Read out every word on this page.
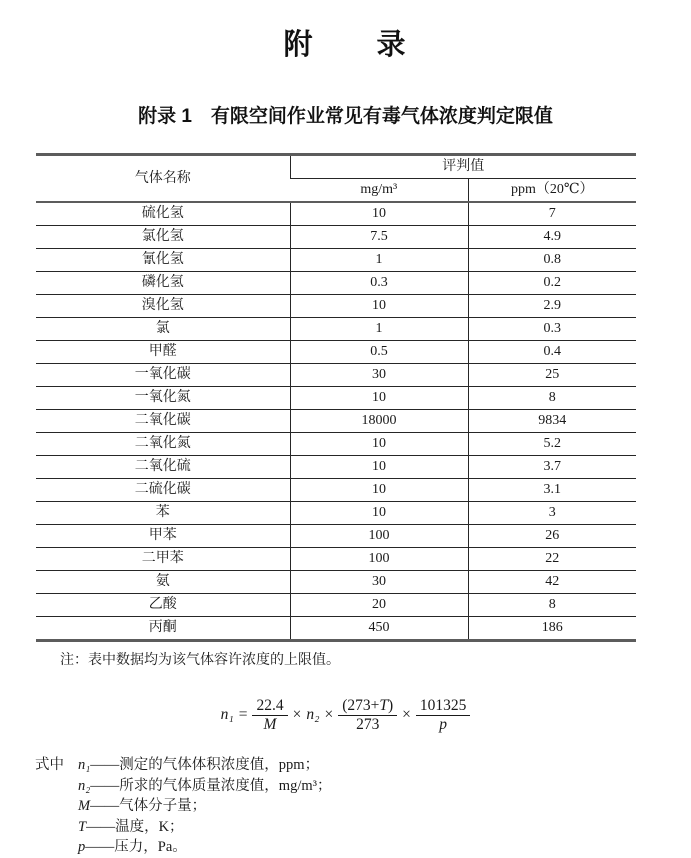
附　　录
附录 1　有限空间作业常见有毒气体浓度判定限值
气体名称	评判值	
	mg/m³	ppm（20℃）
硫化氢	10	7
氯化氢	7.5	4.9
氰化氢	1	0.8
磷化氢	0.3	0.2
溴化氢	10	2.9
氯	1	0.3
甲醛	0.5	0.4
一氧化碳	30	25
一氧化氮	10	8
二氧化碳	18000	9834
二氧化氮	10	5.2
二氧化硫	10	3.7
二硫化碳	10	3.1
苯	10	3
甲苯	100	26
二甲苯	100	22
氨	30	42
乙酸	20	8
丙酮	450	186

注：表中数据均为该气体容许浓度的上限值。

$n_1 = \frac{22.4}{M} \times n_2 \times \frac{(273+T)}{273} \times \frac{101325}{p}$
式中 n₁——测定的气体体积浓度值，ppm；
n₂——所求的气体质量浓度值，mg/m³；
M——气体分子量；
T——温度，K；
p——压力，Pa。
